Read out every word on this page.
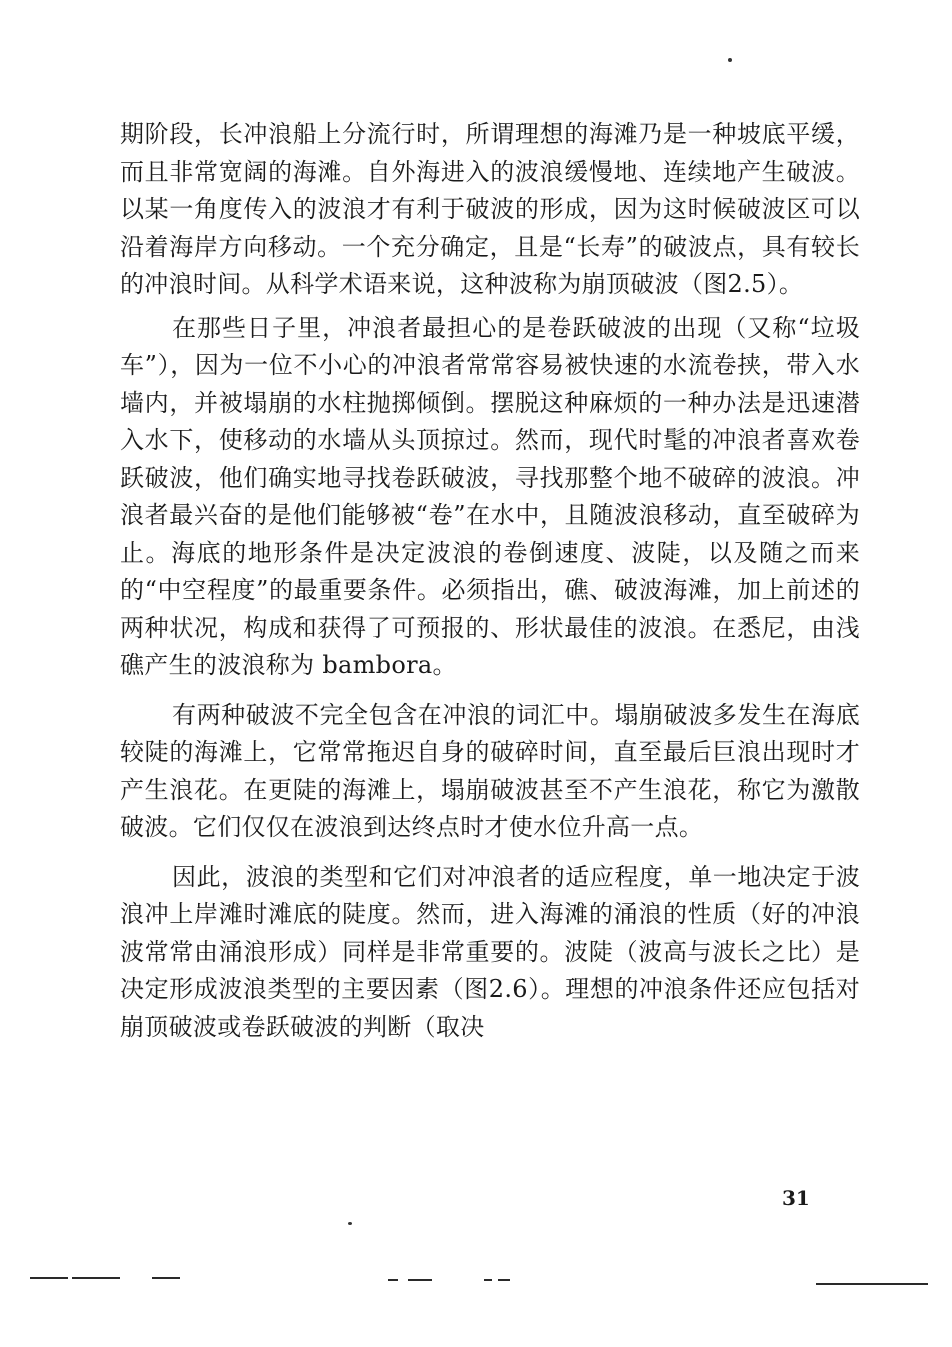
期阶段，长冲浪船上分流行时，所谓理想的海滩乃是一种坡底平缓，而且非常宽阔的海滩。自外海进入的波浪缓慢地、连续地产生破波。以某一角度传入的波浪才有利于破波的形成，因为这时候破波区可以沿着海岸方向移动。一个充分确定，且是“长寿”的破波点，具有较长的冲浪时间。从科学术语来说，这种波称为崩顶破波（图2.5）。

在那些日子里，冲浪者最担心的是卷跃破波的出现（又称“垃圾车”），因为一位不小心的冲浪者常常容易被快速的水流卷挟，带入水墙内，并被塌崩的水柱抛掷倾倒。摆脱这种麻烦的一种办法是迅速潜入水下，使移动的水墙从头顶掠过。然而，现代时髦的冲浪者喜欢卷跃破波，他们确实地寻找卷跃破波，寻找那整个地不破碎的波浪。冲浪者最兴奋的是他们能够被“卷”在水中，且随波浪移动，直至破碎为止。海底的地形条件是决定波浪的卷倒速度、波陡，以及随之而来的“中空程度”的最重要条件。必须指出，礁、破波海滩，加上前述的两种状况，构成和获得了可预报的、形状最佳的波浪。在悉尼，由浅礁产生的波浪称为 bambora。

有两种破波不完全包含在冲浪的词汇中。塌崩破波多发生在海底较陡的海滩上，它常常拖迟自身的破碎时间，直至最后巨浪出现时才产生浪花。在更陡的海滩上，塌崩破波甚至不产生浪花，称它为激散破波。它们仅仅在波浪到达终点时才使水位升高一点。

因此，波浪的类型和它们对冲浪者的适应程度，单一地决定于波浪冲上岸滩时滩底的陡度。然而，进入海滩的涌浪的性质（好的冲浪波常常由涌浪形成）同样是非常重要的。波陡（波高与波长之比）是决定形成波浪类型的主要因素（图2.6）。理想的冲浪条件还应包括对崩顶破波或卷跃破波的判断（取决

31
